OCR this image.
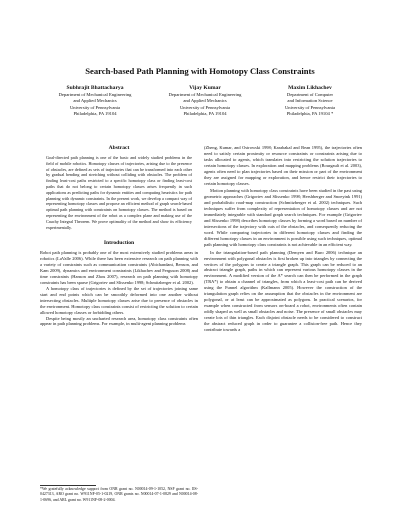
Search-based Path Planning with Homotopy Class Constraints
Subhrajit Bhattacharya
Department of Mechanical Engineering
and Applied Mechanics
University of Pennsylvania
Philadelphia, PA 19104
Vijay Kumar
Department of Mechanical Engineering
and Applied Mechanics
University of Pennsylvania
Philadelphia, PA 19104
Maxim Likhachev
Department of Computer
and Information Science
University of Pennsylvania
Philadelphia, PA 19104 *
Abstract

Goal-directed path planning is one of the basic and widely studied problems in the field of mobile robotics. Homotopy classes of trajectories, arising due to the presence of obstacles, are defined as sets of trajectories that can be transformed into each other by gradual bending and stretching without colliding with obstacles. The problem of finding least-cost paths restricted to a specific homotopy class or finding least-cost paths that do not belong to certain homotopy classes arises frequently in such applications as predicting paths for dynamic entities and computing heuristics for path planning with dynamic constraints. In the present work, we develop a compact way of representing homotopy classes and propose an efficient method of graph search-based optimal path planning with constraints on homotopy classes. The method is based on representing the environment of the robot as a complex plane and making use of the Cauchy Integral Theorem. We prove optimality of the method and show its efficiency experimentally.

Introduction

Robot path planning is probably one of the most extensively studied problems areas in robotics (LaValle 2006). While there has been extensive research on path planning with a variety of constraints such as communication constraints (Abichandani, Benson, and Kam 2009), dynamics and environment constraints (Likhachev and Ferguson 2008) and time constraints (Hanson and Zhou 2007), research on path planning with homotopy constraints has been sparse (Grigoriev and Slissenko 1998; Schmitzberger et al. 2002).

A homotopy class of trajectories is defined by the set of trajectories joining same start and end points which can be smoothly deformed into one another without intersecting obstacles. Multiple homotopy classes arise due to presence of obstacles in the environment. Homotopy class constraints consist of restricting the solution to certain allowed homotopy classes or forbidding others.

Despite being mostly an uncharted research area, homotopy class constraints often appear in path planning problems. For example, in multi-agent planning problems

(Zheng, Kumar, and Ostrowski 1998; Karabakal and Bean 1995), the trajectories often need to satisfy certain proximity or resource constraints or constraints arising due to tasks allocated to agents, which translates into restricting the solution trajectories to certain homotopy classes. In exploration and mapping problems (Bourgault et al. 2003), agents often need to plan trajectories based on their mission or part of the environment they are assigned for mapping or exploration, and hence restrict their trajectories to certain homotopy classes.

Motion planning with homotopy class constraints have been studied in the past using geometric approaches (Grigoriev and Slissenko 1998; Hershberger and Snoeyink 1991) and probabilistic road-map construction (Schmitzberger et al. 2002) techniques. Such techniques suffer from complexity of representation of homotopy classes and are not immediately integrable with standard graph search techniques. For example (Grigoriev and Slissenko 1998) describes homotopy classes by forming a word based on number of intersections of the trajectory with cuts of the obstacles, and consequently reducing the word. While comparing trajectories in different homotopy classes and finding the different homotopy classes in an environment is possible using such techniques, optimal path planning with homotopy class constraints is not achievable in an efficient way.

In the triangulation-based path planning (Demyen and Buro 2006) technique an environment with polygonal obstacles is first broken up into triangles by connecting the vertices of the polygons to create a triangle graph. This graph can be reduced to an abstract triangle graph, paths in which can represent various homotopy classes in the environment. A modified version of the A* search can then be performed in the graph (TRA*) to obtain a channel of triangles, from which a least-cost path can be derived using the Funnel algorithm (Kallmann 2005). However the construction of the triangulation graph relies on the assumption that the obstacles in the environment are polygonal, or at least can be approximated as polygons. In practical scenarios, for example when constructed from sensors on-board a robot, environments often contain oddly shaped as well as small obstacles and noise. The presence of small obstacles may create lots of thin triangles. Each disjoint obstacle needs to be considered to construct the abstract reduced graph in order to guarantee a collision-free path. Hence they contribute towards a

*We gratefully acknowledge support from ONR grant no. N00014-09-1-1052, NSF grant no. IIS-0427313, ARO grant no. W911NF-05-1-0219, ONR grants no. N00014-07-1-0829 and N00014-08-1-0696, and ARL grant no. W911NF-08-2-0004.
